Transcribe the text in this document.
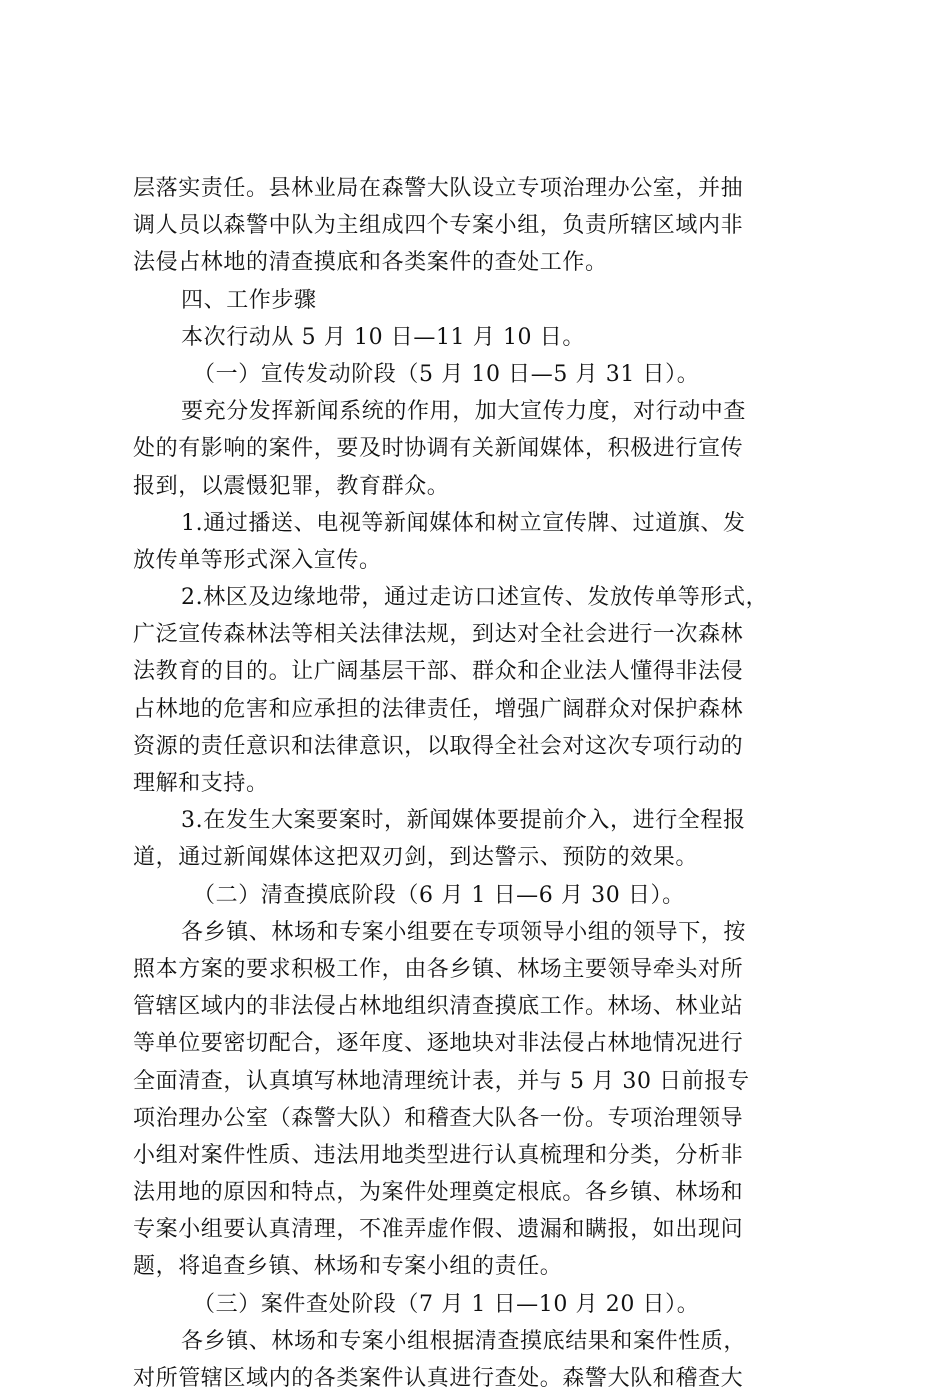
层落实责任。县林业局在森警大队设立专项治理办公室，并抽
调人员以森警中队为主组成四个专案小组，负责所辖区域内非
法侵占林地的清查摸底和各类案件的查处工作。
四、工作步骤
本次行动从 5 月 10 日—11 月 10 日。
（一）宣传发动阶段（5 月 10 日—5 月 31 日）。
要充分发挥新闻系统的作用，加大宣传力度，对行动中查
处的有影响的案件，要及时协调有关新闻媒体，积极进行宣传
报到，以震慑犯罪，教育群众。
1.通过播送、电视等新闻媒体和树立宣传牌、过道旗、发
放传单等形式深入宣传。
2.林区及边缘地带，通过走访口述宣传、发放传单等形式，
广泛宣传森林法等相关法律法规，到达对全社会进行一次森林
法教育的目的。让广阔基层干部、群众和企业法人懂得非法侵
占林地的危害和应承担的法律责任，增强广阔群众对保护森林
资源的责任意识和法律意识，以取得全社会对这次专项行动的
理解和支持。
3.在发生大案要案时，新闻媒体要提前介入，进行全程报
道，通过新闻媒体这把双刃剑，到达警示、预防的效果。
（二）清查摸底阶段（6 月 1 日—6 月 30 日）。
各乡镇、林场和专案小组要在专项领导小组的领导下，按
照本方案的要求积极工作，由各乡镇、林场主要领导牵头对所
管辖区域内的非法侵占林地组织清查摸底工作。林场、林业站
等单位要密切配合，逐年度、逐地块对非法侵占林地情况进行
全面清查，认真填写林地清理统计表，并与 5 月 30 日前报专
项治理办公室（森警大队）和稽查大队各一份。专项治理领导
小组对案件性质、违法用地类型进行认真梳理和分类，分析非
法用地的原因和特点，为案件处理奠定根底。各乡镇、林场和
专案小组要认真清理，不准弄虚作假、遗漏和瞒报，如出现问
题，将追查乡镇、林场和专案小组的责任。
（三）案件查处阶段（7 月 1 日—10 月 20 日）。
各乡镇、林场和专案小组根据清查摸底结果和案件性质，
对所管辖区域内的各类案件认真进行查处。森警大队和稽查大
